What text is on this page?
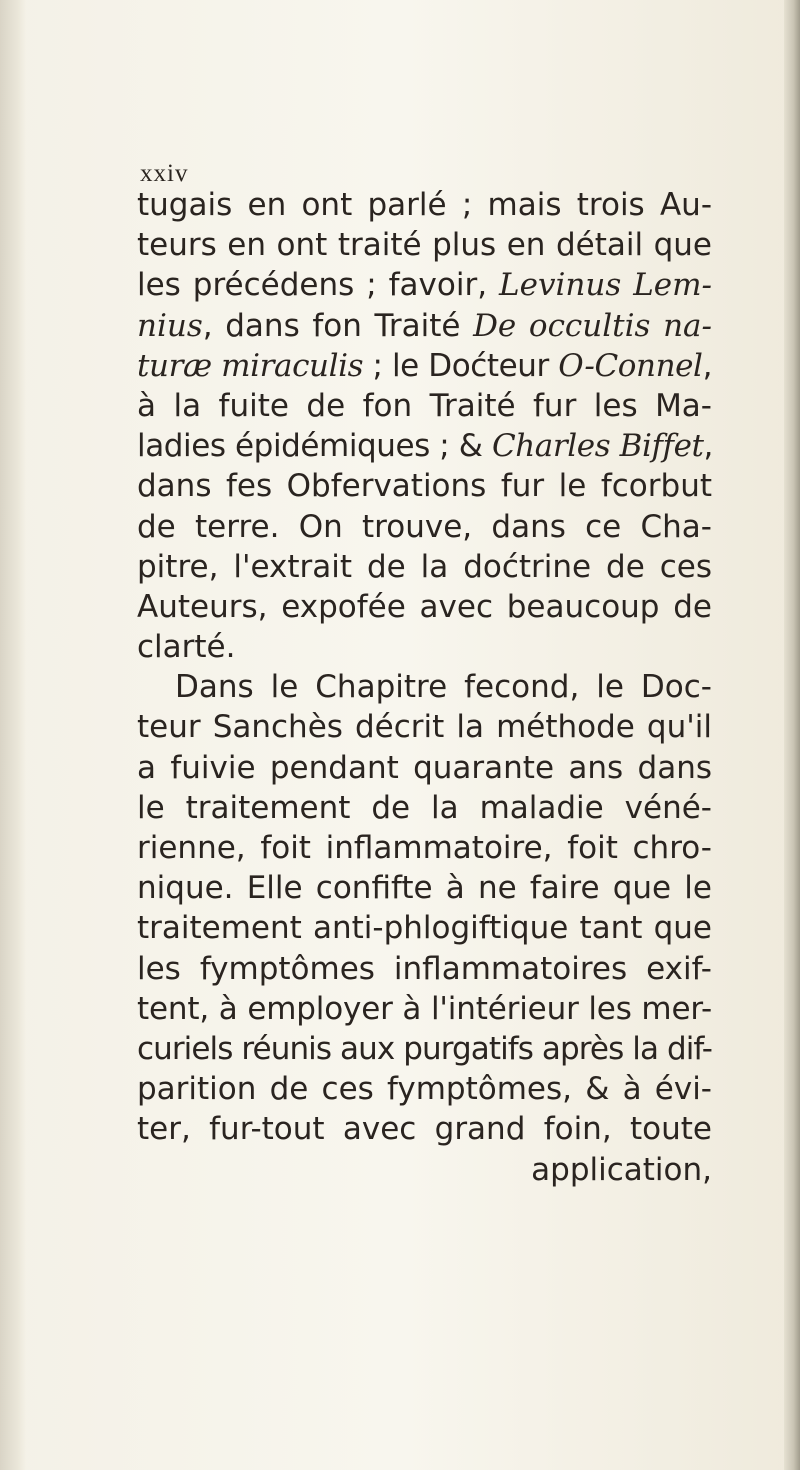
xxiv
tugais en ont parlé ; mais trois Au-
teurs en ont traité plus en détail que
les précédens ; favoir, Levinus Lem-
nius, dans fon Traité De occultis na-
turæ miraculis ; le Doćteur O-Connel,
à la fuite de fon Traité fur les Ma-
ladies épidémiques ; & Charles Biffet,
dans fes Obfervations fur le fcorbut
de terre. On trouve, dans ce Cha-
pitre, l'extrait de la doćtrine de ces
Auteurs, expofée avec beaucoup de
clarté.
Dans le Chapitre fecond, le Doc-
teur Sanchès décrit la méthode qu'il
a fuivie pendant quarante ans dans
le traitement de la maladie véné-
rienne, foit inflammatoire, foit chro-
nique. Elle confifte à ne faire que le
traitement anti-phlogiftique tant que
les fymptômes inflammatoires exif-
tent, à employer à l'intérieur les mer-
curiels réunis aux purgatifs après la dif-
parition de ces fymptômes, & à évi-
ter, fur-tout avec grand foin, toute
application,
